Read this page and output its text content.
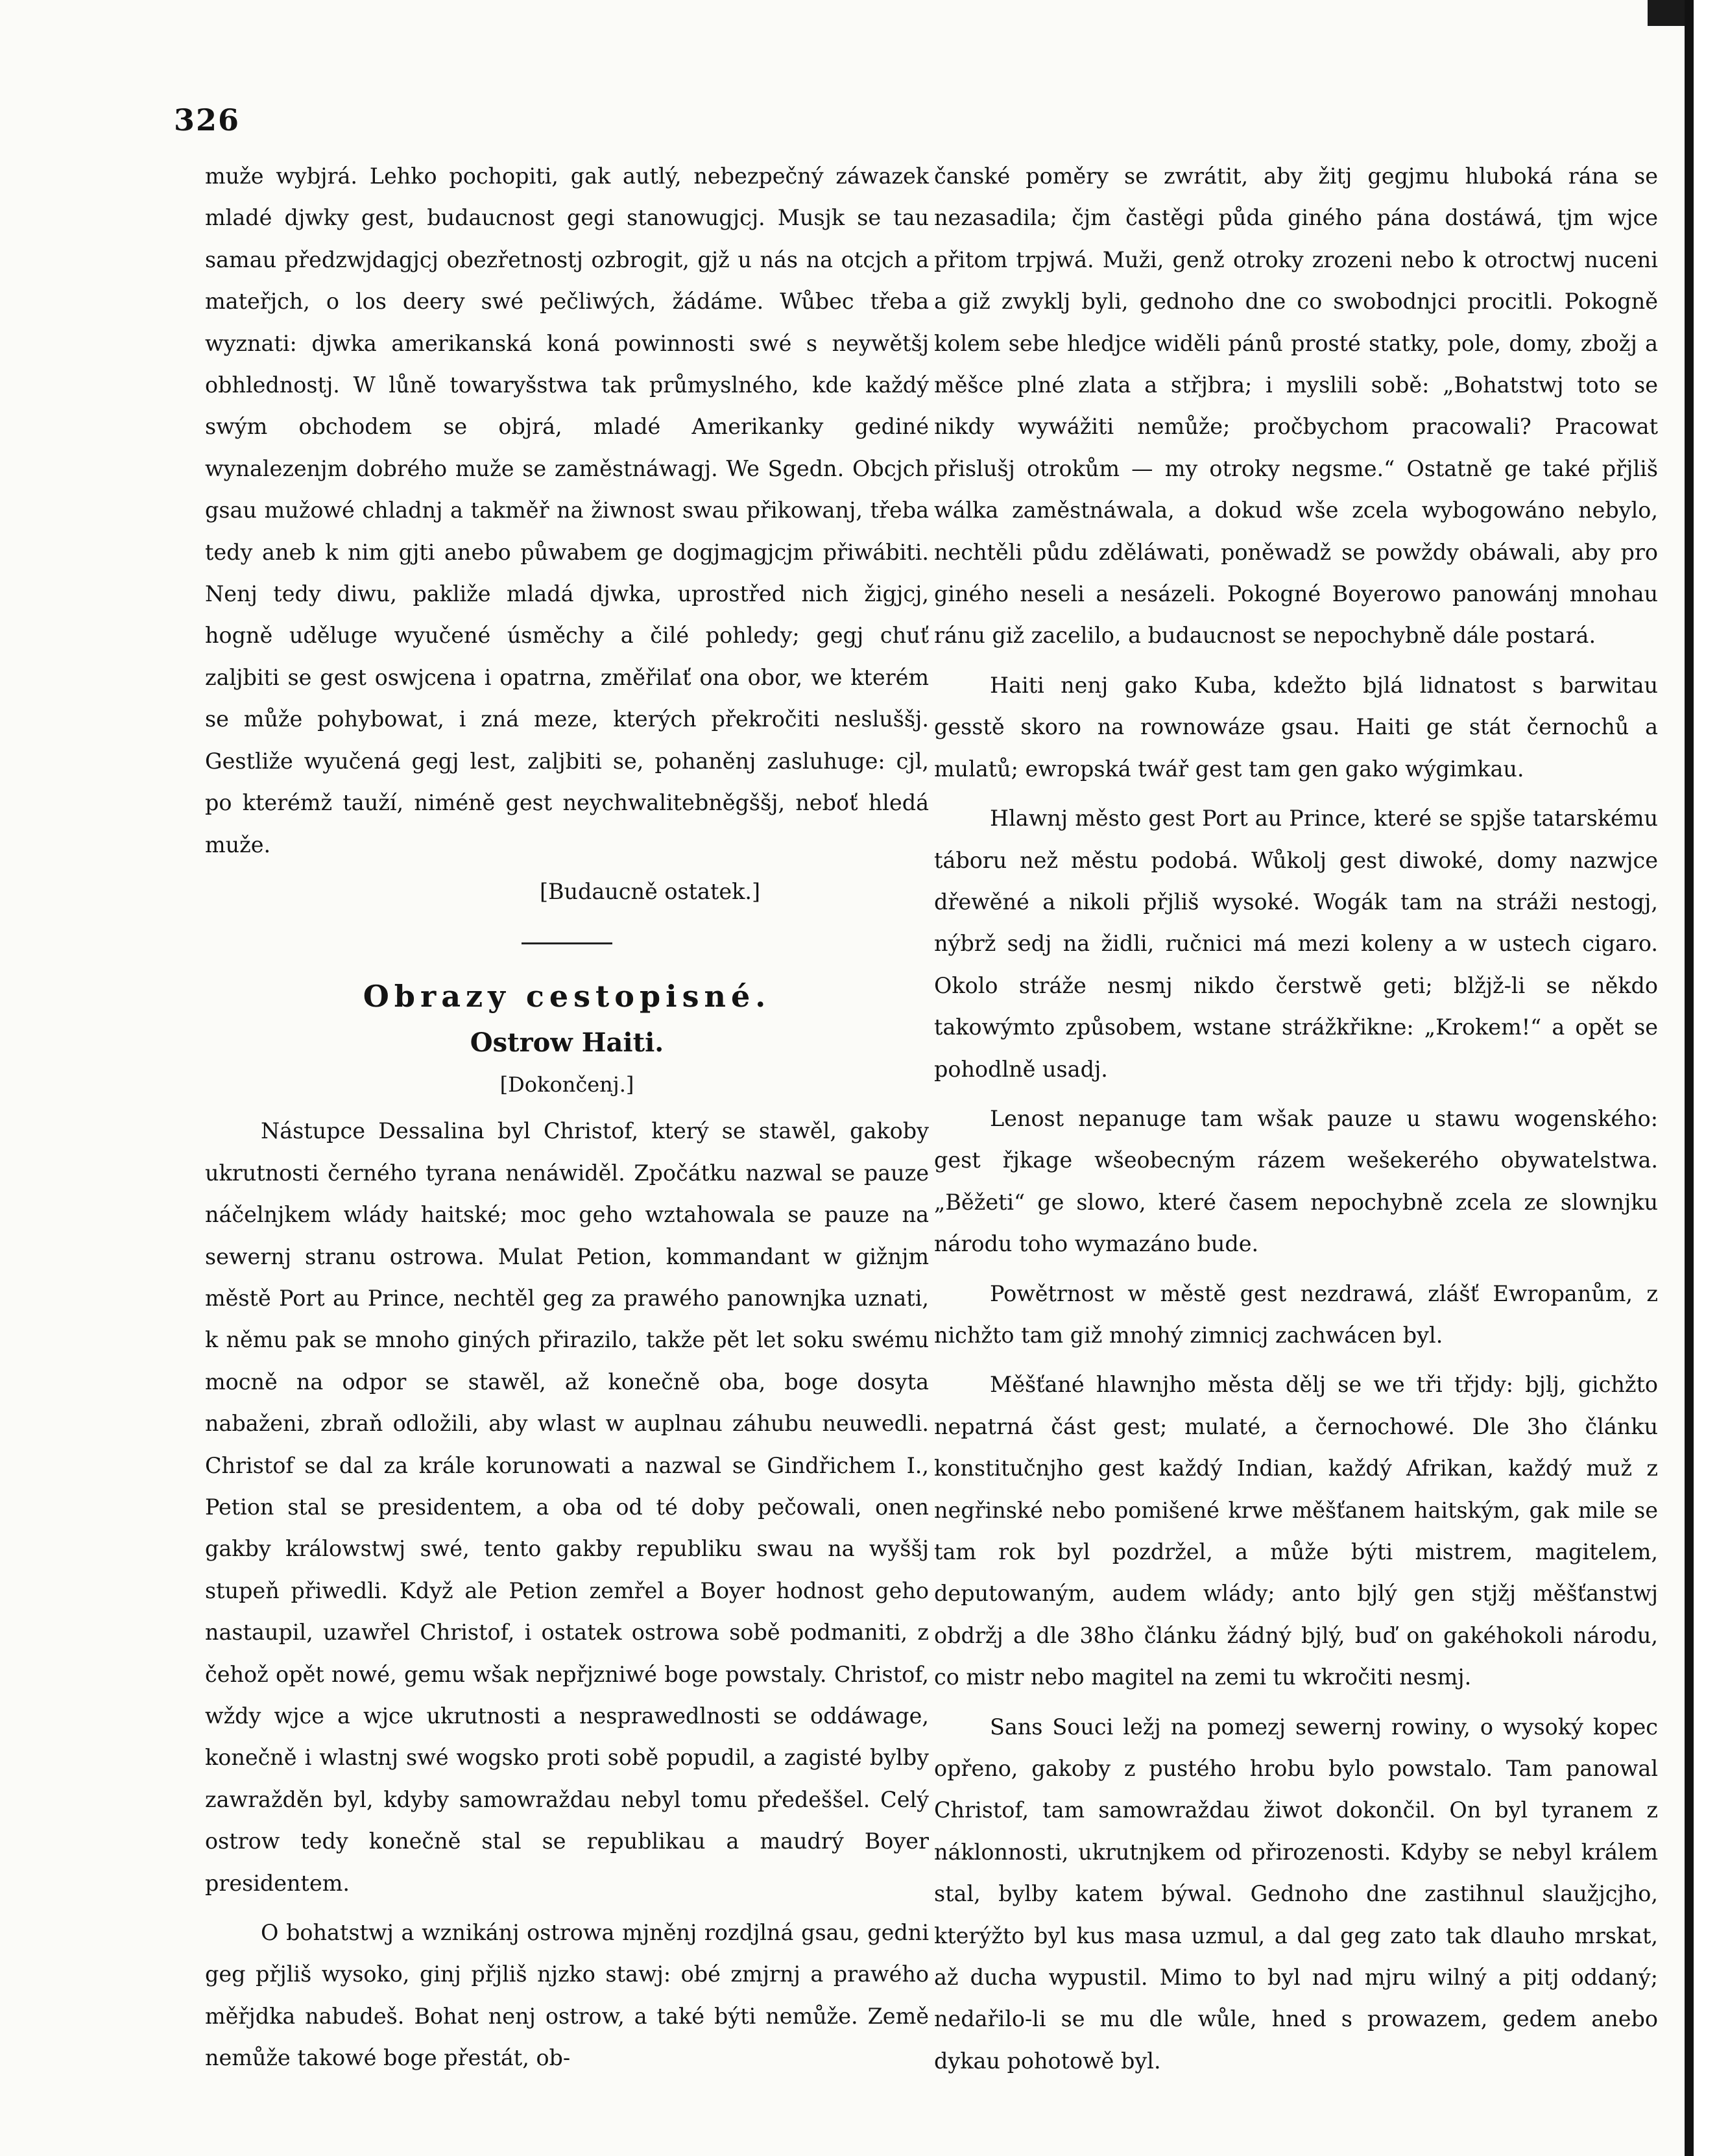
326

muže wybjrá. Lehko pochopiti, gak autlý, nebezpečný záwazek mladé djwky gest, budaucnost gegi stanowugjcj. Musjk se tau samau předzwjdagjcj obezřetnostj ozbrogit, gjž u nás na otcjch a mateřjch, o los deery swé pečliwých, žádáme. Wůbec třeba wyznati: djwka amerikanská koná powinnosti swé s neywětšj obhlednostj. W lůně towaryšstwa tak průmyslného, kde každý swým obchodem se objrá, mladé Amerikanky gediné wynalezenjm dobrého muže se zaměstnáwagj. We Sgedn. Obcjch gsau mužowé chladnj a takměř na žiwnost swau přikowanj, třeba tedy aneb k nim gjti anebo půwabem ge dogjmagjcjm přiwábiti. Nenj tedy diwu, pakliže mladá djwka, uprostřed nich žigjcj, hogně uděluge wyučené úsměchy a čilé pohledy; gegj chuť zaljbiti se gest oswjcena i opatrna, změřilať ona obor, we kterém se může pohybowat, i zná meze, kterých překročiti nesluššj. Gestliže wyučená gegj lest, zaljbiti se, pohaněnj zasluhuge: cjl, po kterémž tauží, niméně gest neychwalitebněgššj, neboť hledá muže.

[Budaucně ostatek.]

Obrazy cestopisné.
Ostrow Haiti.

[Dokončenj.]

Nástupce Dessalina byl Christof, který se stawěl, gakoby ukrutnosti černého tyrana nenáwiděl. Zpočátku nazwal se pauze náčelnjkem wlády haitské; moc geho wztahowala se pauze na sewernj stranu ostrowa. Mulat Petion, kommandant w gižnjm městě Port au Prince, nechtěl geg za prawého panownjka uznati, k němu pak se mnoho giných přirazilo, takže pět let soku swému mocně na odpor se stawěl, až konečně oba, boge dosyta nabaženi, zbraň odložili, aby wlast w auplnau záhubu neuwedli. Christof se dal za krále korunowati a nazwal se Gindřichem I., Petion stal se presidentem, a oba od té doby pečowali, onen gakby králowstwj swé, tento gakby republiku swau na wyššj stupeň přiwedli. Když ale Petion zemřel a Boyer hodnost geho nastaupil, uzawřel Christof, i ostatek ostrowa sobě podmaniti, z čehož opět nowé, gemu wšak nepřjzniwé boge powstaly. Christof, wždy wjce a wjce ukrutnosti a nesprawedlnosti se oddáwage, konečně i wlastnj swé wogsko proti sobě popudil, a zagisté bylby zawražděn byl, kdyby samowraždau nebyl tomu předeššel. Celý ostrow tedy konečně stal se republikau a maudrý Boyer presidentem.

O bohatstwj a wznikánj ostrowa mjněnj rozdjlná gsau, gedni geg přjliš wysoko, ginj přjliš njzko stawj: obé zmjrnj a prawého měřjdka nabudeš. Bohat nenj ostrow, a také býti nemůže. Země nemůže takowé boge přestát, ob-

čanské poměry se zwrátit, aby žitj gegjmu hluboká rána se nezasadila; čjm častěgi půda giného pána dostáwá, tjm wjce přitom trpjwá. Muži, genž otroky zrozeni nebo k otroctwj nuceni a giž zwyklj byli, gednoho dne co swobodnjci procitli. Pokogně kolem sebe hledjce widěli pánů prosté statky, pole, domy, zbožj a měšce plné zlata a střjbra; i myslili sobě: „Bohatstwj toto se nikdy wywážiti nemůže; pročbychom pracowali? Pracowat přislušj otrokům — my otroky negsme.“ Ostatně ge také přjliš wálka zaměstnáwala, a dokud wše zcela wybogowáno nebylo, nechtěli půdu zděláwati, poněwadž se powždy obáwali, aby pro giného neseli a nesázeli. Pokogné Boyerowo panowánj mnohau ránu giž zacelilo, a budaucnost se nepochybně dále postará.

Haiti nenj gako Kuba, kdežto bjlá lidnatost s barwitau gesstě skoro na rownowáze gsau. Haiti ge stát černochů a mulatů; ewropská twář gest tam gen gako wýgimkau.

Hlawnj město gest Port au Prince, které se spjše tatarskému táboru než městu podobá. Wůkolj gest diwoké, domy nazwjce dřewěné a nikoli přjliš wysoké. Wogák tam na stráži nestogj, nýbrž sedj na židli, ručnici má mezi koleny a w ustech cigaro. Okolo stráže nesmj nikdo čerstwě geti; blžjž-li se někdo takowýmto způsobem, wstane strážkřikne: „Krokem!“ a opět se pohodlně usadj.

Lenost nepanuge tam wšak pauze u stawu wogenského: gest řjkage wšeobecným rázem wešekerého obywatelstwa. „Běžeti“ ge slowo, které časem nepochybně zcela ze slownjku národu toho wymazáno bude.

Powětrnost w městě gest nezdrawá, zlášť Ewropanům, z nichžto tam giž mnohý zimnicj zachwácen byl.

Měšťané hlawnjho města dělj se we tři třjdy: bjlj, gichžto nepatrná část gest; mulaté, a černochowé. Dle 3ho článku konstitučnjho gest každý Indian, každý Afrikan, každý muž z negřinské nebo pomišené krwe měšťanem haitským, gak mile se tam rok byl pozdržel, a může býti mistrem, magitelem, deputowaným, audem wlády; anto bjlý gen stjžj měšťanstwj obdržj a dle 38ho článku žádný bjlý, buď on gakéhokoli národu, co mistr nebo magitel na zemi tu wkročiti nesmj.

Sans Souci ležj na pomezj sewernj rowiny, o wysoký kopec opřeno, gakoby z pustého hrobu bylo powstalo. Tam panowal Christof, tam samowraždau žiwot dokončil. On byl tyranem z náklonnosti, ukrutnjkem od přirozenosti. Kdyby se nebyl králem stal, bylby katem býwal. Gednoho dne zastihnul slaužjcjho, kterýžto byl kus masa uzmul, a dal geg zato tak dlauho mrskat, až ducha wypustil. Mimo to byl nad mjru wilný a pitj oddaný; nedařilo-li se mu dle wůle, hned s prowazem, gedem anebo dykau pohotowě byl.
